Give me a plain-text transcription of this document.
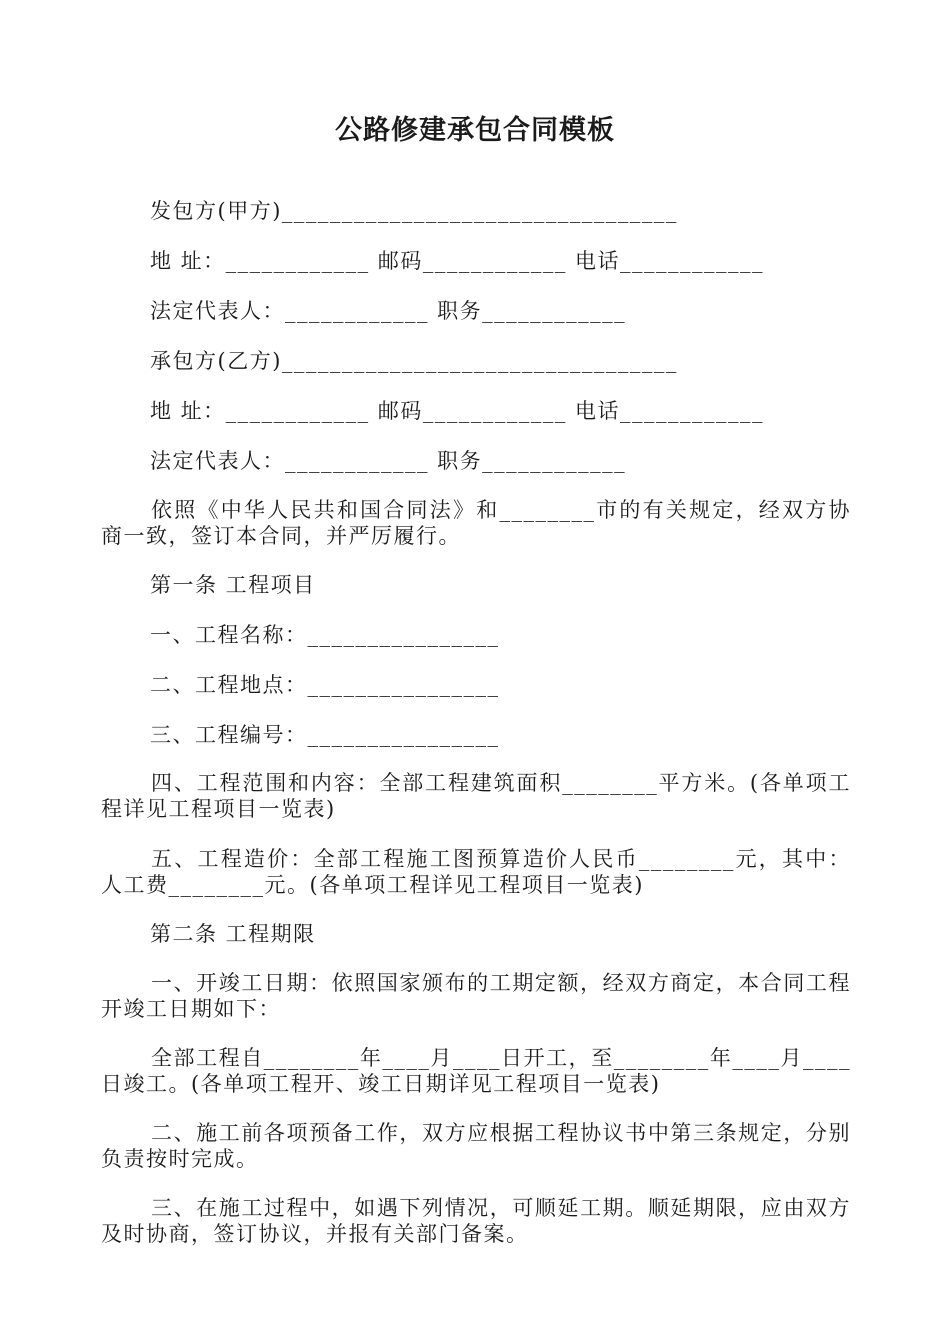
公路修建承包合同模板
发包方(甲方)_________________________________
地 址：____________ 邮码____________ 电话____________
法定代表人：____________ 职务____________
承包方(乙方)_________________________________
地 址：____________ 邮码____________ 电话____________
法定代表人：____________ 职务____________
依照《中华人民共和国合同法》和________市的有关规定，经双方协商一致，签订本合同，并严厉履行。
第一条 工程项目
一、工程名称：________________
二、工程地点：________________
三、工程编号：________________
四、工程范围和内容：全部工程建筑面积________平方米。(各单项工程详见工程项目一览表)
五、工程造价：全部工程施工图预算造价人民币________元，其中：人工费________元。(各单项工程详见工程项目一览表)
第二条 工程期限
一、开竣工日期：依照国家颁布的工期定额，经双方商定，本合同工程开竣工日期如下：
全部工程自________年____月____日开工，至________年____月____日竣工。(各单项工程开、竣工日期详见工程项目一览表)
二、施工前各项预备工作，双方应根据工程协议书中第三条规定，分别负责按时完成。
三、在施工过程中，如遇下列情况，可顺延工期。顺延期限，应由双方及时协商，签订协议，并报有关部门备案。
